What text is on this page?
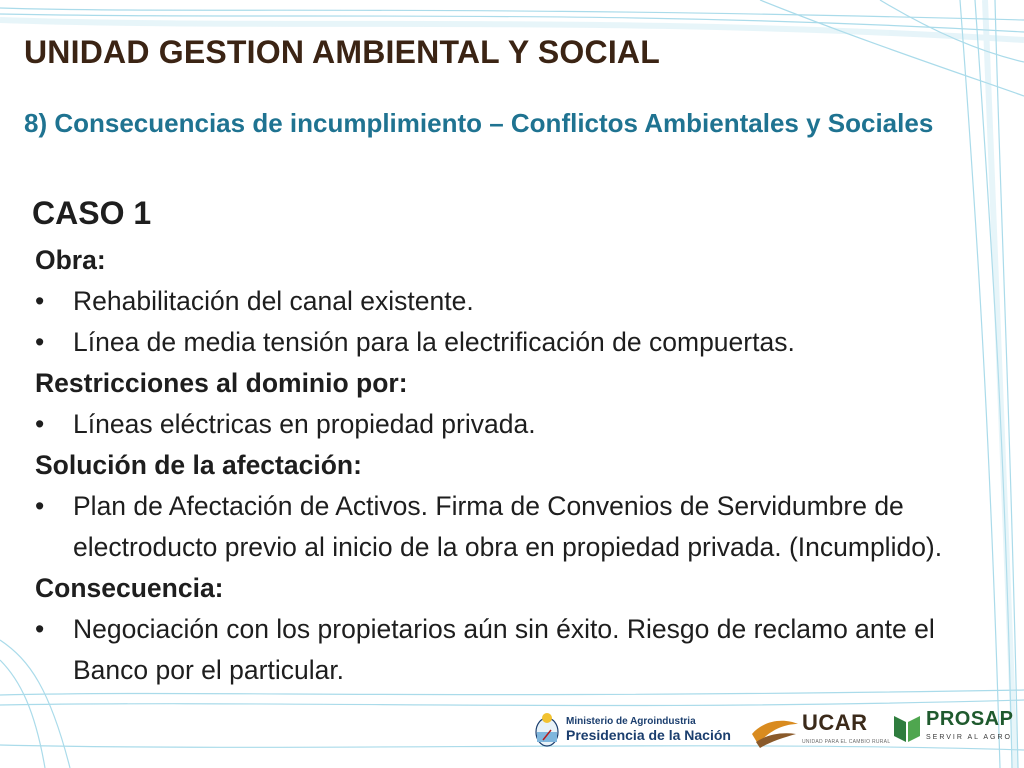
UNIDAD GESTION AMBIENTAL Y SOCIAL
8) Consecuencias de incumplimiento – Conflictos Ambientales y Sociales
CASO 1

Obra:

• Rehabilitación del canal existente.

• Línea de media tensión para la electrificación de compuertas.

Restricciones al dominio por:

• Líneas eléctricas en propiedad privada.

Solución de la afectación:

• Plan de Afectación de Activos. Firma de Convenios de Servidumbre de electroducto previo al inicio de la obra en propiedad privada. (Incumplido).

Consecuencia:

• Negociación con los propietarios aún sin éxito. Riesgo de reclamo ante el Banco por el particular.

Ministerio de Agroindustria
Presidencia de la Nación	UCAR
UNIDAD PARA EL CAMBIO RURAL
PROSAP
SERVIR AL AGRO
